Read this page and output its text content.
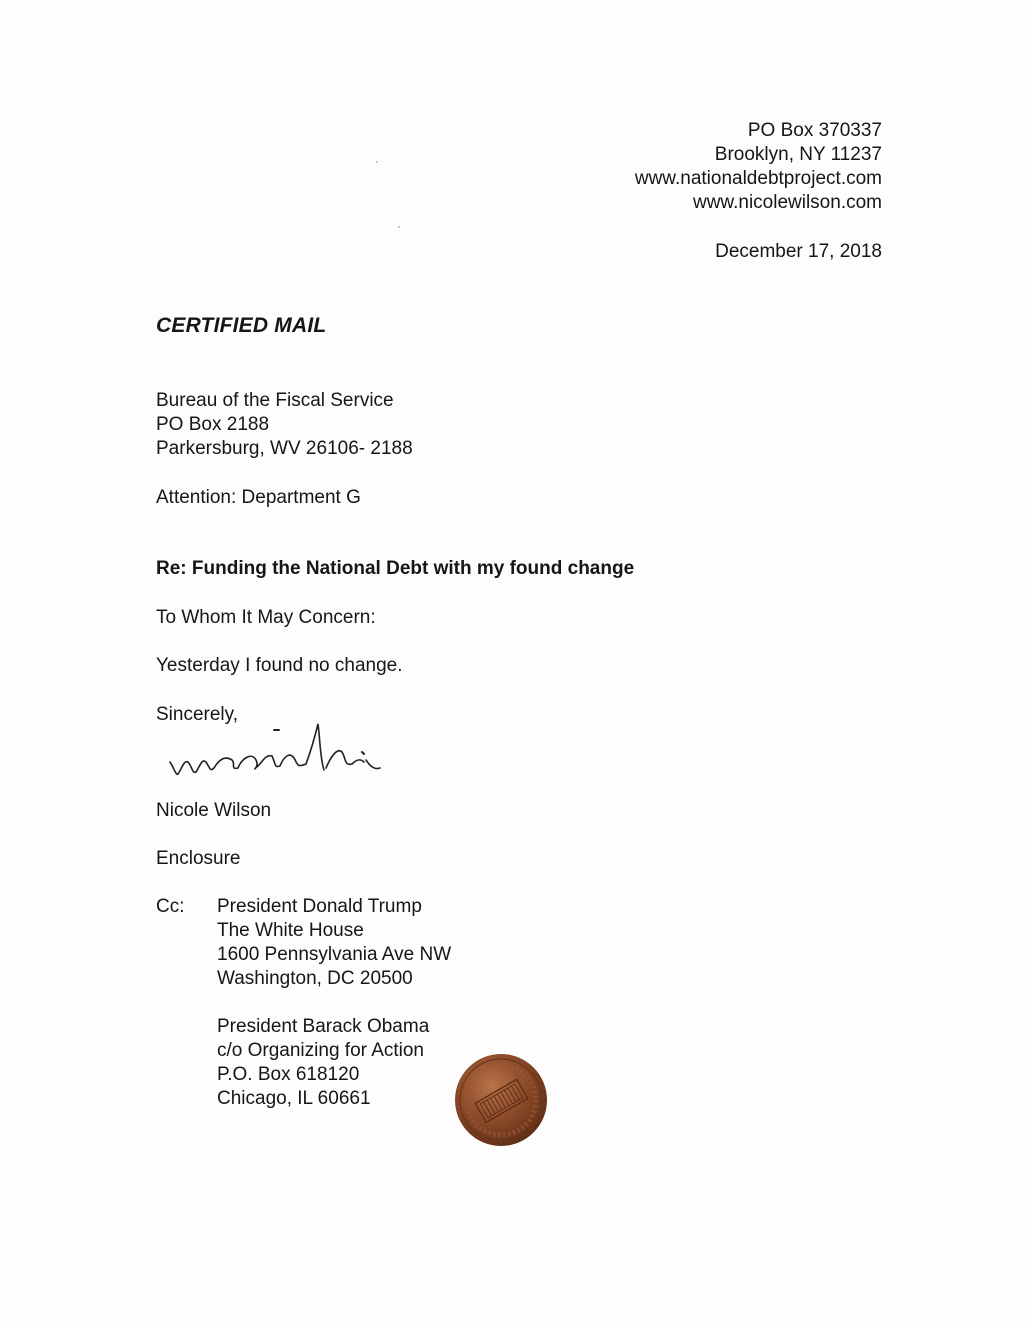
PO Box 370337
Brooklyn, NY 11237
www.nationaldebtproject.com
www.nicolewilson.com
December 17, 2018
CERTIFIED MAIL
Bureau of the Fiscal Service
PO Box 2188
Parkersburg, WV 26106- 2188
Attention: Department G
Re: Funding the National Debt with my found change
To Whom It May Concern:
Yesterday I found no change.
Sincerely,
Nicole Wilson
Enclosure
Cc: President Donald Trump
The White House
1600 Pennsylvania Ave NW
Washington, DC 20500
President Barack Obama
c/o Organizing for Action
P.O. Box 618120
Chicago, IL 60661
